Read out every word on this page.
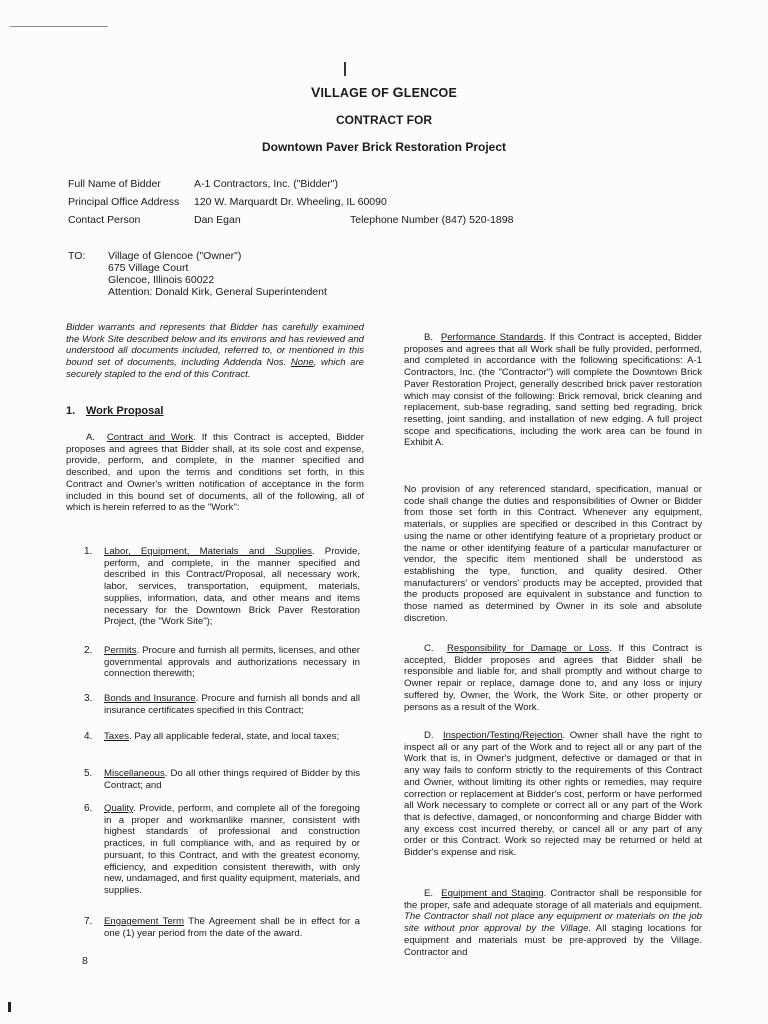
VILLAGE OF GLENCOE
CONTRACT FOR
Downtown Paver Brick Restoration Project
Full Name of Bidder	A-1 Contractors, Inc. ("Bidder")
Principal Office Address 120 W. Marquardt Dr. Wheeling, IL 60090
Contact Person	Dan Egan	Telephone Number (847) 520-1898
TO: Village of Glencoe ("Owner")
675 Village Court
Glencoe, Illinois 60022
Attention: Donald Kirk, General Superintendent
Bidder warrants and represents that Bidder has carefully examined the Work Site described below and its environs and has reviewed and understood all documents included, referred to, or mentioned in this bound set of documents, including Addenda Nos. None, which are securely stapled to the end of this Contract.
1. Work Proposal
A. Contract and Work. If this Contract is accepted, Bidder proposes and agrees that Bidder shall, at its sole cost and expense, provide, perform, and complete, in the manner specified and described, and upon the terms and conditions set forth, in this Contract and Owner's written notification of acceptance in the form included in this bound set of documents, all of the following, all of which is herein referred to as the "Work":
1. Labor, Equipment, Materials and Supplies. Provide, perform, and complete, in the manner specified and described in this Contract/Proposal, all necessary work, labor, services, transportation, equipment, materials, supplies, information, data, and other means and items necessary for the Downtown Brick Paver Restoration Project, (the "Work Site");
2. Permits. Procure and furnish all permits, licenses, and other governmental approvals and authorizations necessary in connection therewith;
3. Bonds and Insurance. Procure and furnish all bonds and all insurance certificates specified in this Contract;
4. Taxes. Pay all applicable federal, state, and local taxes;
5. Miscellaneous. Do all other things required of Bidder by this Contract; and
6. Quality. Provide, perform, and complete all of the foregoing in a proper and workmanlike manner, consistent with highest standards of professional and construction practices, in full compliance with, and as required by or pursuant, to this Contract, and with the greatest economy, efficiency, and expedition consistent therewith, with only new, undamaged, and first quality equipment, materials, and supplies.
7. Engagement Term The Agreement shall be in effect for a one (1) year period from the date of the award.
8
B. Performance Standards. If this Contract is accepted, Bidder proposes and agrees that all Work shall be fully provided, performed, and completed in accordance with the following specifications: A-1 Contractors, Inc. (the "Contractor") will complete the Downtown Brick Paver Restoration Project, generally described brick paver restoration which may consist of the following: Brick removal, brick cleaning and replacement, sub-base regrading, sand setting bed regrading, brick resetting, joint sanding, and installation of new edging. A full project scope and specifications, including the work area can be found in Exhibit A.
No provision of any referenced standard, specification, manual or code shall change the duties and responsibilities of Owner or Bidder from those set forth in this Contract. Whenever any equipment, materials, or supplies are specified or described in this Contract by using the name or other identifying feature of a proprietary product or the name or other identifying feature of a particular manufacturer or vendor, the specific item mentioned shall be understood as establishing the type, function, and quality desired. Other manufacturers' or vendors' products may be accepted, provided that the products proposed are equivalent in substance and function to those named as determined by Owner in its sole and absolute discretion.
C. Responsibility for Damage or Loss. If this Contract is accepted, Bidder proposes and agrees that Bidder shall be responsible and liable for, and shall promptly and without charge to Owner repair or replace, damage done to, and any loss or injury suffered by, Owner, the Work, the Work Site, or other property or persons as a result of the Work.
D. Inspection/Testing/Rejection. Owner shall have the right to inspect all or any part of the Work and to reject all or any part of the Work that is, in Owner's judgment, defective or damaged or that in any way fails to conform strictly to the requirements of this Contract and Owner, without limiting its other rights or remedies, may require correction or replacement at Bidder's cost, perform or have performed all Work necessary to complete or correct all or any part of the Work that is defective, damaged, or nonconforming and charge Bidder with any excess cost incurred thereby, or cancel all or any part of any order or this Contract. Work so rejected may be returned or held at Bidder's expense and risk.
E. Equipment and Staging. Contractor shall be responsible for the proper, safe and adequate storage of all materials and equipment. The Contractor shall not place any equipment or materials on the job site without prior approval by the Village. All staging locations for equipment and materials must be pre-approved by the Village. Contractor and
